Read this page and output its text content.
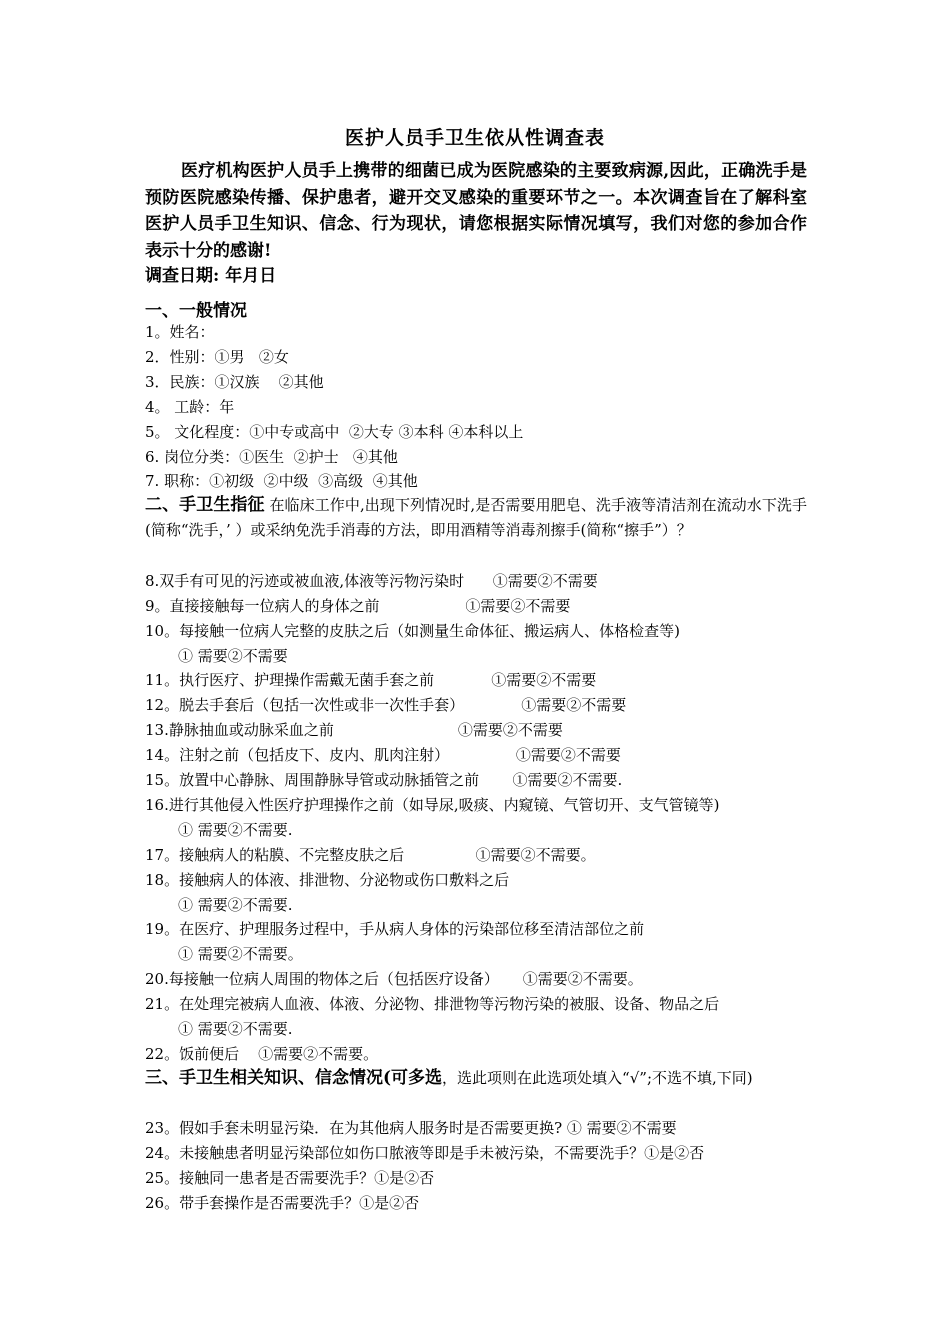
医护人员手卫生依从性调查表
医疗机构医护人员手上携带的细菌已成为医院感染的主要致病源,因此，正确洗手是预防医院感染传播、保护患者，避开交叉感染的重要环节之一。本次调查旨在了解科室医护人员手卫生知识、信念、行为现状，请您根据实际情况填写，我们对您的参加合作表示十分的感谢!
调查日期: 年月日
一、一般情况
1。姓名：
2．性别：①男   ②女
3．民族：①汉族    ②其他
4。 工龄：年
5。 文化程度：①中专或高中  ②大专 ③本科 ④本科以上
6. 岗位分类：①医生  ②护士   ④其他
7. 职称：①初级  ②中级  ③高级  ④其他
二、手卫生指征 在临床工作中,出现下列情况时,是否需要用肥皂、洗手液等清洁剂在流动水下洗手(简称“洗手，’ ）或采纳免洗手消毒的方法，即用酒精等消毒剂擦手(简称“擦手”）？
8.双手有可见的污迹或被血液,体液等污物污染时      ①需要②不需要
9。直接接触每一位病人的身体之前                  ①需要②不需要
10。每接触一位病人完整的皮肤之后（如测量生命体征、搬运病人、体格检查等)
① 需要②不需要
11。执行医疗、护理操作需戴无菌手套之前            ①需要②不需要
12。脱去手套后（包括一次性或非一次性手套）            ①需要②不需要
13.静脉抽血或动脉采血之前                          ①需要②不需要
14。注射之前（包括皮下、皮内、肌肉注射）              ①需要②不需要
15。放置中心静脉、周围静脉导管或动脉插管之前       ①需要②不需要.
16.进行其他侵入性医疗护理操作之前（如导尿,吸痰、内窥镜、气管切开、支气管镜等)
① 需要②不需要.
17。接触病人的粘膜、不完整皮肤之后               ①需要②不需要。
18。接触病人的体液、排泄物、分泌物或伤口敷料之后
① 需要②不需要.
19。在医疗、护理服务过程中，手从病人身体的污染部位移至清洁部位之前
① 需要②不需要。
20.每接触一位病人周围的物体之后（包括医疗设备）     ①需要②不需要。
21。在处理完被病人血液、体液、分泌物、排泄物等污物污染的被服、设备、物品之后
① 需要②不需要.
22。饭前便后    ①需要②不需要。
三、手卫生相关知识、信念情况(可多选，选此项则在此选项处填入“√”;不选不填,下同)
23。假如手套未明显污染．在为其他病人服务时是否需要更换? ① 需要②不需要
24。未接触患者明显污染部位如伤口脓液等即是手未被污染，不需要洗手？①是②否
25。接触同一患者是否需要洗手？①是②否
26。带手套操作是否需要洗手？①是②否
